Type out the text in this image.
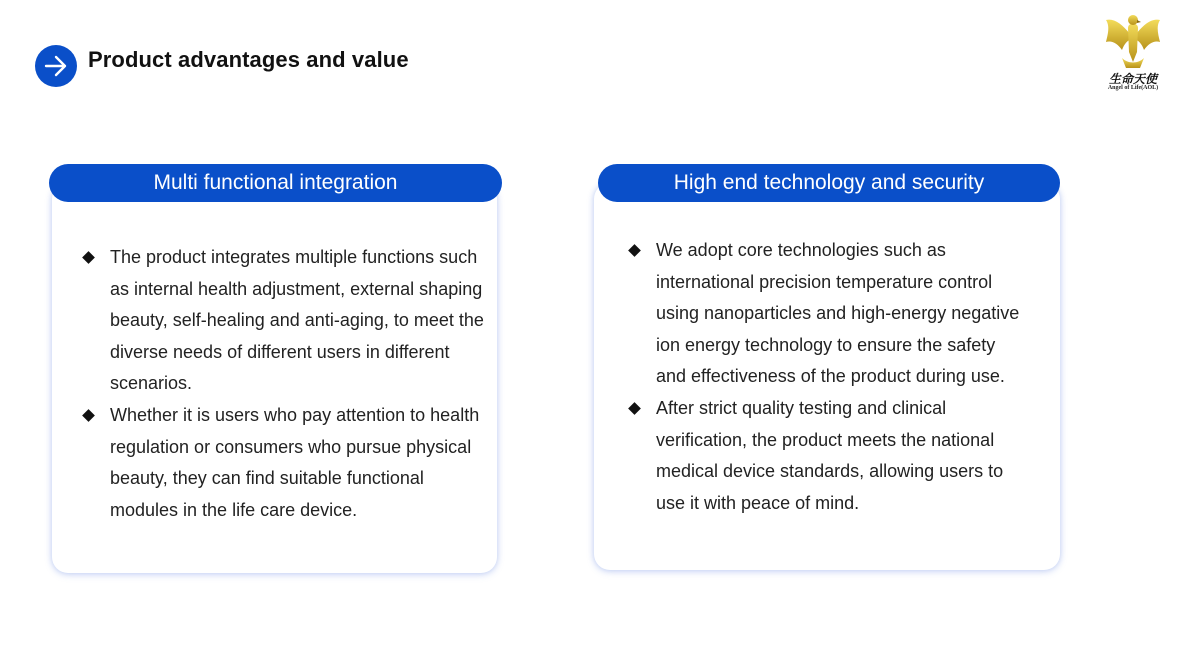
Product advantages and value
生命天使
Angel of Life(AOL)
Multi functional integration
The product integrates multiple functions such as internal health adjustment, external shaping beauty, self-healing and anti-aging, to meet the diverse needs of different users in different scenarios.
Whether it is users who pay attention to health regulation or consumers who pursue physical beauty, they can find suitable functional modules in the life care device.
High end technology and security
We adopt core technologies such as international precision temperature control using nanoparticles and high-energy negative ion energy technology to ensure the safety and effectiveness of the product during use.
After strict quality testing and clinical verification, the product meets the national medical device standards, allowing users to use it with peace of mind.
